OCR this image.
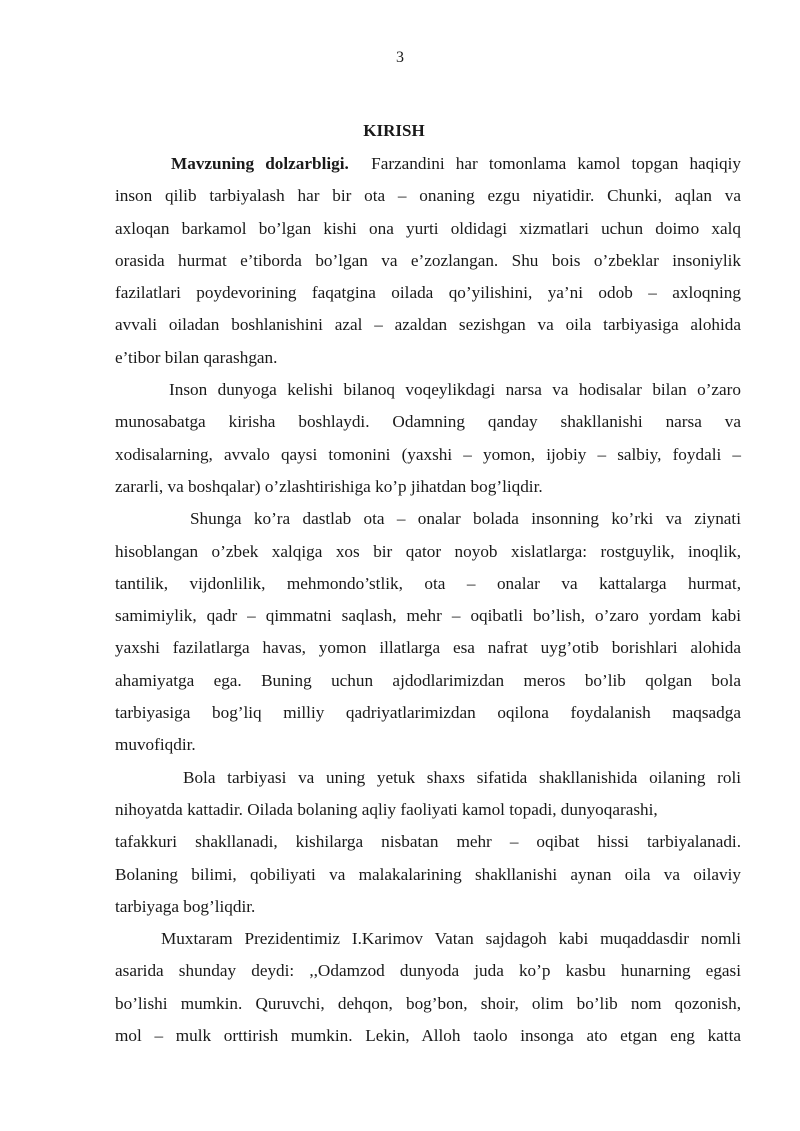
3
KIRISH

Mavzuning dolzarbligi. Farzandini har tomonlama kamol topgan haqiqiy
inson qilib tarbiyalash har bir ota – onaning ezgu niyatidir. Chunki, aqlan va
axloqan barkamol bo’lgan kishi ona yurti oldidagi xizmatlari uchun doimo xalq
orasida hurmat e’tiborda bo’lgan va e’zozlangan. Shu bois o’zbeklar insoniylik
fazilatlari poydevorining faqatgina oilada qo’yilishini, ya’ni odob – axloqning
avvali oiladan boshlanishini azal – azaldan sezishgan va oila tarbiyasiga alohida
e’tibor bilan qarashgan.

Inson dunyoga kelishi bilanoq voqeylikdagi narsa va hodisalar bilan o’zaro
munosabatga kirisha boshlaydi. Odamning qanday shakllanishi narsa va
xodisalarning, avvalo qaysi tomonini (yaxshi – yomon, ijobiy – salbiy, foydali –
zararli, va boshqalar) o’zlashtirishiga ko’p jihatdan bog’liqdir.

Shunga ko’ra dastlab ota – onalar bolada insonning ko’rki va ziynati
hisoblangan o’zbek xalqiga xos bir qator noyob xislatlarga: rostguylik, inoqlik,
tantilik, vijdonlilik, mehmondo’stlik, ota – onalar va kattalarga hurmat,
samimiylik, qadr – qimmatni saqlash, mehr – oqibatli bo’lish, o’zaro yordam kabi
yaxshi fazilatlarga havas, yomon illatlarga esa nafrat uyg’otib borishlari alohida
ahamiyatga ega. Buning uchun ajdodlarimizdan meros bo’lib qolgan bola
tarbiyasiga bog’liq milliy qadriyatlarimizdan oqilona foydalanish maqsadga
muvofiqdir.

Bola tarbiyasi va uning yetuk shaxs sifatida shakllanishida oilaning roli
nihoyatda kattadir. Oilada bolaning aqliy faoliyati kamol topadi, dunyoqarashi,
tafakkuri shakllanadi, kishilarga nisbatan mehr – oqibat hissi tarbiyalanadi.
Bolaning bilimi, qobiliyati va malakalarining shakllanishi aynan oila va oilaviy
tarbiyaga bog’liqdir.

Muxtaram Prezidentimiz I.Karimov Vatan sajdagoh kabi muqaddasdir nomli
asarida shunday deydi: ,,Odamzod dunyoda juda ko’p kasbu hunarning egasi
bo’lishi mumkin. Quruvchi, dehqon, bog’bon, shoir, olim bo’lib nom qozonish,
mol – mulk orttirish mumkin. Lekin, Alloh taolo insonga ato etgan eng katta
